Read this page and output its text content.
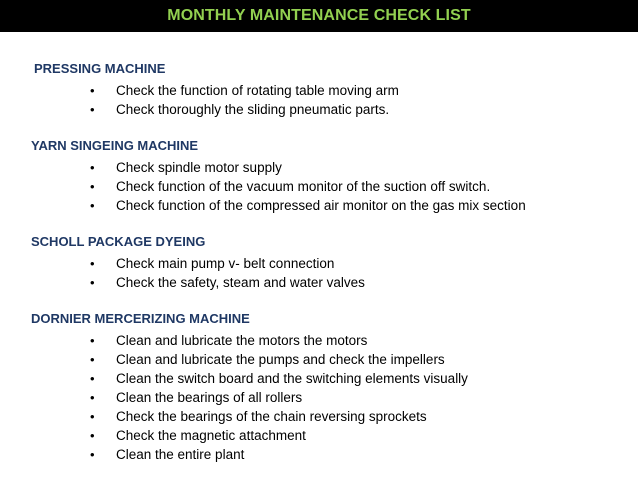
MONTHLY MAINTENANCE CHECK LIST
PRESSING MACHINE
• Check the function of rotating table moving arm
• Check thoroughly the sliding pneumatic parts.
YARN SINGEING MACHINE
• Check spindle motor supply
• Check function of the vacuum monitor of the suction off switch.
• Check function of the compressed air monitor on the gas mix section
SCHOLL PACKAGE DYEING
• Check main pump v- belt connection
• Check the safety, steam and water valves
DORNIER MERCERIZING MACHINE
• Clean and lubricate the motors the motors
• Clean and lubricate the pumps and check the impellers
• Clean the switch board and the switching elements visually
• Clean the bearings of all rollers
• Check the bearings of the chain reversing sprockets
• Check the magnetic attachment
• Clean the entire plant
